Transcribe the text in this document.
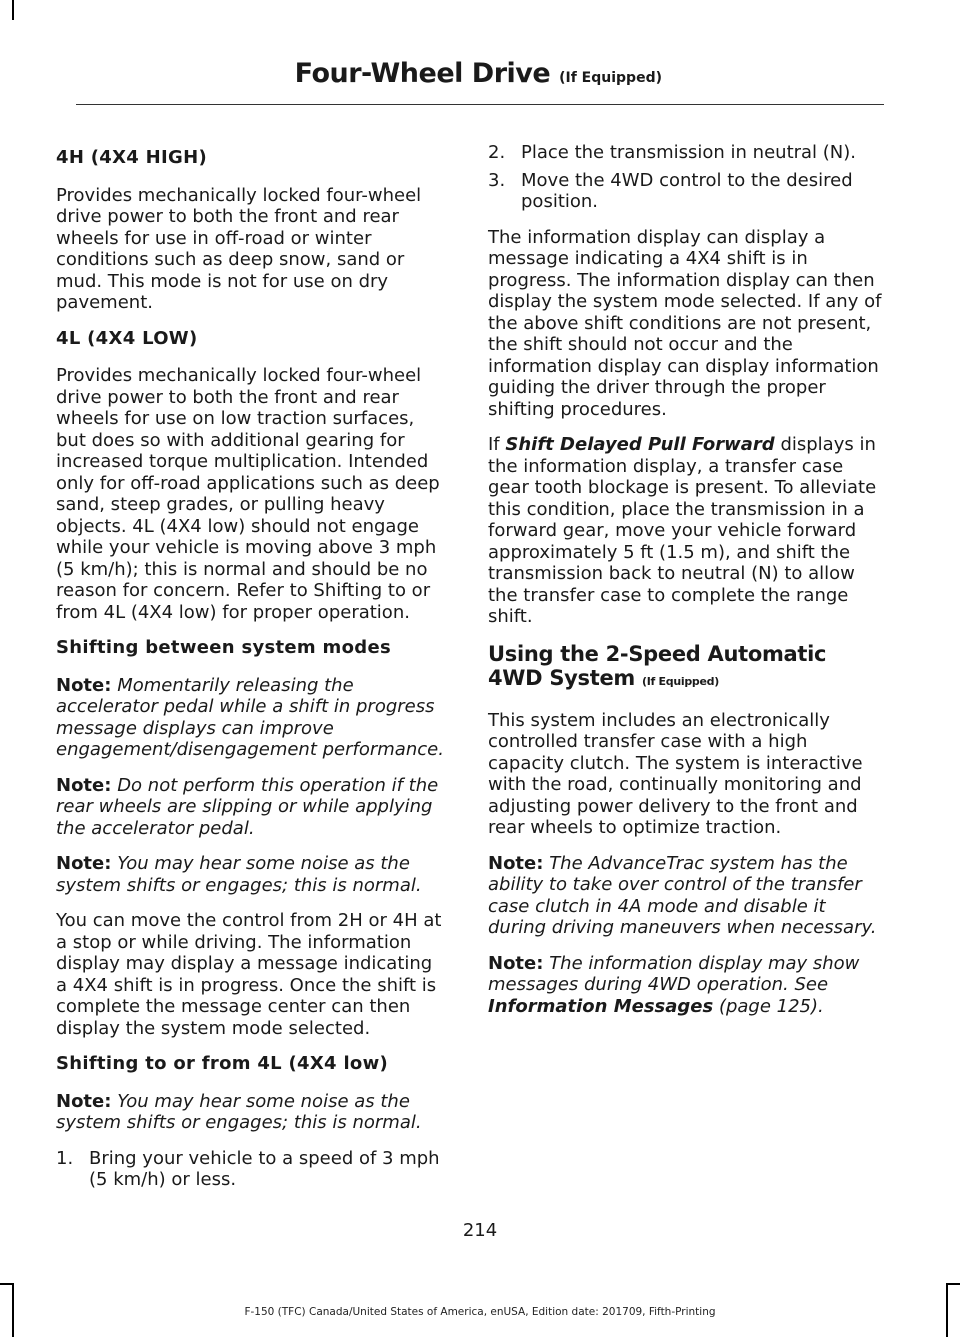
Four-Wheel Drive (If Equipped)
4H (4X4 HIGH)

Provides mechanically locked four-wheel drive power to both the front and rear wheels for use in off-road or winter conditions such as deep snow, sand or mud. This mode is not for use on dry pavement.

4L (4X4 LOW)

Provides mechanically locked four-wheel drive power to both the front and rear wheels for use on low traction surfaces, but does so with additional gearing for increased torque multiplication. Intended only for off-road applications such as deep sand, steep grades, or pulling heavy objects. 4L (4X4 low) should not engage while your vehicle is moving above 3 mph (5 km/h); this is normal and should be no reason for concern. Refer to Shifting to or from 4L (4X4 low) for proper operation.

Shifting between system modes

Note: Momentarily releasing the accelerator pedal while a shift in progress message displays can improve engagement/disengagement performance.

Note: Do not perform this operation if the rear wheels are slipping or while applying the accelerator pedal.

Note: You may hear some noise as the system shifts or engages; this is normal.

You can move the control from 2H or 4H at a stop or while driving. The information display may display a message indicating a 4X4 shift is in progress. Once the shift is complete the message center can then display the system mode selected.

Shifting to or from 4L (4X4 low)

Note: You may hear some noise as the system shifts or engages; this is normal.

1. Bring your vehicle to a speed of 3 mph (5 km/h) or less.
2. Place the transmission in neutral (N).
3. Move the 4WD control to the desired position.

The information display can display a message indicating a 4X4 shift is in progress. The information display can then display the system mode selected. If any of the above shift conditions are not present, the shift should not occur and the information display can display information guiding the driver through the proper shifting procedures.

If Shift Delayed Pull Forward displays in the information display, a transfer case gear tooth blockage is present. To alleviate this condition, place the transmission in a forward gear, move your vehicle forward approximately 5 ft (1.5 m), and shift the transmission back to neutral (N) to allow the transfer case to complete the range shift.

Using the 2-Speed Automatic 4WD System (If Equipped)

This system includes an electronically controlled transfer case with a high capacity clutch. The system is interactive with the road, continually monitoring and adjusting power delivery to the front and rear wheels to optimize traction.

Note: The AdvanceTrac system has the ability to take over control of the transfer case clutch in 4A mode and disable it during driving maneuvers when necessary.

Note: The information display may show messages during 4WD operation. See Information Messages (page 125).

214
F-150 (TFC) Canada/United States of America, enUSA, Edition date: 201709, Fifth-Printing
